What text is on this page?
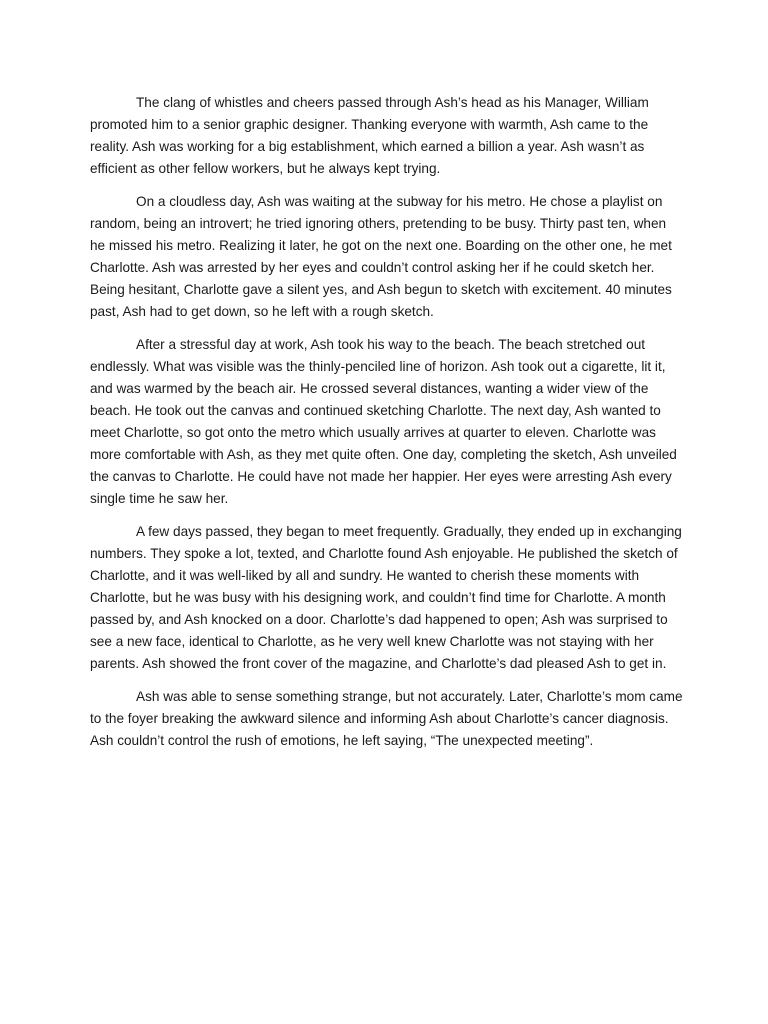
The clang of whistles and cheers passed through Ash’s head as his Manager, William promoted him to a senior graphic designer. Thanking everyone with warmth, Ash came to the reality. Ash was working for a big establishment, which earned a billion a year. Ash wasn’t as efficient as other fellow workers, but he always kept trying.

On a cloudless day, Ash was waiting at the subway for his metro. He chose a playlist on random, being an introvert; he tried ignoring others, pretending to be busy. Thirty past ten, when he missed his metro. Realizing it later, he got on the next one. Boarding on the other one, he met Charlotte. Ash was arrested by her eyes and couldn’t control asking her if he could sketch her. Being hesitant, Charlotte gave a silent yes, and Ash begun to sketch with excitement. 40 minutes past, Ash had to get down, so he left with a rough sketch.

After a stressful day at work, Ash took his way to the beach. The beach stretched out endlessly. What was visible was the thinly-penciled line of horizon. Ash took out a cigarette, lit it, and was warmed by the beach air. He crossed several distances, wanting a wider view of the beach. He took out the canvas and continued sketching Charlotte. The next day, Ash wanted to meet Charlotte, so got onto the metro which usually arrives at quarter to eleven. Charlotte was more comfortable with Ash, as they met quite often. One day, completing the sketch, Ash unveiled the canvas to Charlotte. He could have not made her happier. Her eyes were arresting Ash every single time he saw her.

A few days passed, they began to meet frequently. Gradually, they ended up in exchanging numbers. They spoke a lot, texted, and Charlotte found Ash enjoyable. He published the sketch of Charlotte, and it was well-liked by all and sundry. He wanted to cherish these moments with Charlotte, but he was busy with his designing work, and couldn’t find time for Charlotte. A month passed by, and Ash knocked on a door. Charlotte’s dad happened to open; Ash was surprised to see a new face, identical to Charlotte, as he very well knew Charlotte was not staying with her parents. Ash showed the front cover of the magazine, and Charlotte’s dad pleased Ash to get in.

Ash was able to sense something strange, but not accurately. Later, Charlotte’s mom came to the foyer breaking the awkward silence and informing Ash about Charlotte’s cancer diagnosis. Ash couldn’t control the rush of emotions, he left saying, “The unexpected meeting”.
